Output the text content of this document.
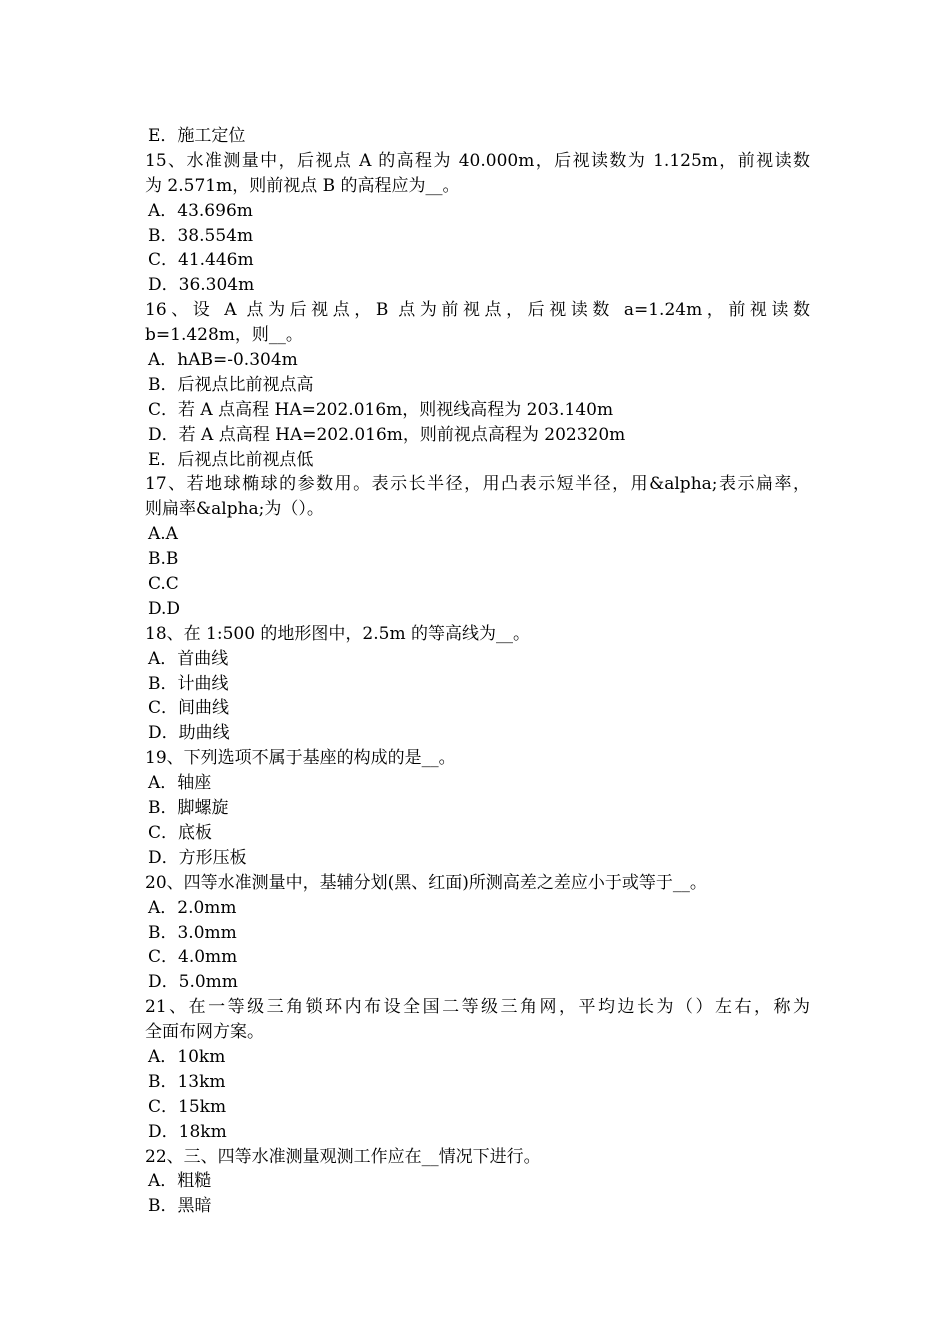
E．施工定位
15、水准测量中，后视点 A 的高程为 40.000m，后视读数为 1.125m，前视读数
为 2.571m，则前视点 B 的高程应为__。
A．43.696m
B．38.554m
C．41.446m
D．36.304m
16、设 A 点为后视点，B 点为前视点，后视读数 a=1.24m，前视读数
b=1.428m，则__。
A．hAB=-0.304m
B．后视点比前视点高
C．若 A 点高程 HA=202.016m，则视线高程为 203.140m
D．若 A 点高程 HA=202.016m，则前视点高程为 202320m
E．后视点比前视点低
17、若地球椭球的参数用。表示长半径，用凸表示短半径，用&alpha;表示扁率，
则扁率&alpha;为（）。
A.A
B.B
C.C
D.D
18、在 1:500 的地形图中，2.5m 的等高线为__。
A．首曲线
B．计曲线
C．间曲线
D．助曲线
19、下列选项不属于基座的构成的是__。
A．轴座
B．脚螺旋
C．底板
D．方形压板
20、四等水准测量中，基辅分划(黑、红面)所测高差之差应小于或等于__。
A．2.0mm
B．3.0mm
C．4.0mm
D．5.0mm
21、在一等级三角锁环内布设全国二等级三角网，平均边长为（）左右，称为
全面布网方案。
A．10km
B．13km
C．15km
D．18km
22、三、四等水准测量观测工作应在__情况下进行。
A．粗糙
B．黑暗
